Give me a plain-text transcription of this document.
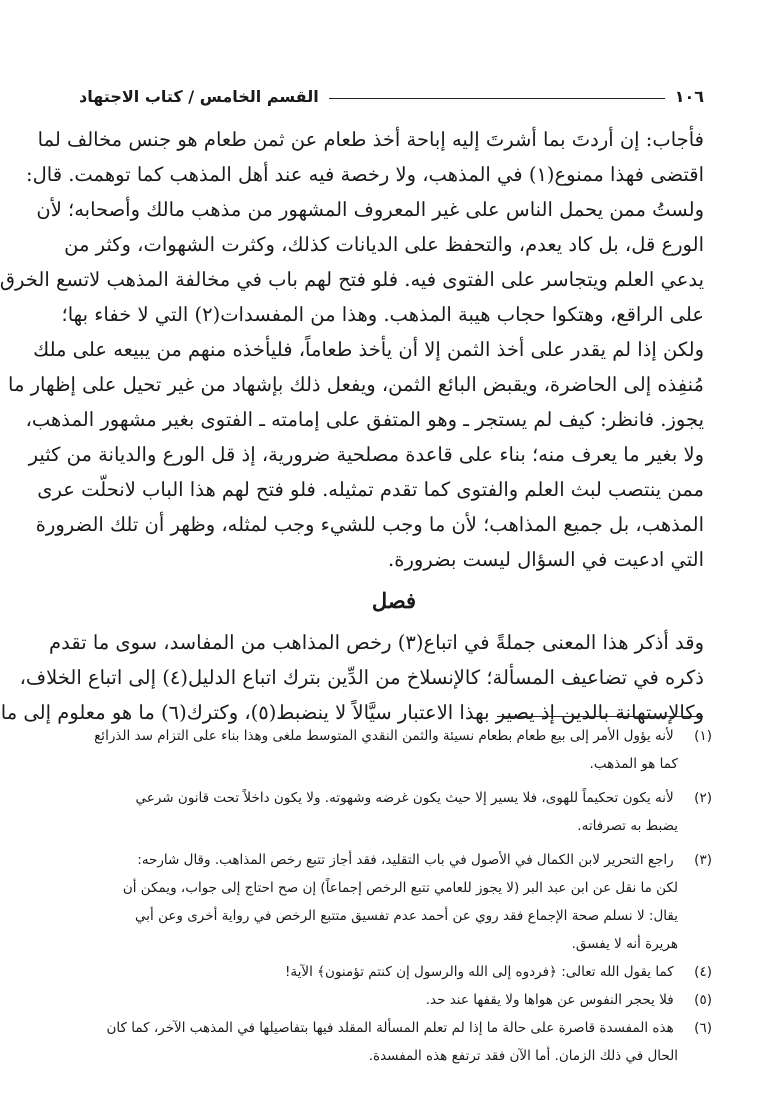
١٠٦
القسم الخامس / كتاب الاجتهاد
فأجاب: إن أردتَ بما أشرتَ إليه إباحة أخذ طعام عن ثمن طعام هو جنس مخالف لما
اقتضى فهذا ممنوع(١) في المذهب، ولا رخصة فيه عند أهل المذهب كما توهمت. قال:
ولستُ ممن يحمل الناس على غير المعروف المشهور من مذهب مالك وأصحابه؛ لأن
الورع قل، بل كاد يعدم، والتحفظ على الديانات كذلك، وكثرت الشهوات، وكثر من
يدعي العلم ويتجاسر على الفتوى فيه. فلو فتح لهم باب في مخالفة المذهب لاتسع الخرق
على الراقع، وهتكوا حجاب هيبة المذهب. وهذا من المفسدات(٢) التي لا خفاء بها؛
ولكن إذا لم يقدر على أخذ الثمن إلا أن يأخذ طعاماً، فليأخذه منهم من يبيعه على ملك
مُنفِذه إلى الحاضرة، ويقبض البائع الثمن، ويفعل ذلك بإشهاد من غير تحيل على إظهار ما
يجوز. فانظر: كيف لم يستجر ـ وهو المتفق على إمامته ـ الفتوى بغير مشهور المذهب،
ولا بغير ما يعرف منه؛ بناء على قاعدة مصلحية ضرورية، إذ قل الورع والديانة من كثير
ممن ينتصب لبث العلم والفتوى كما تقدم تمثيله. فلو فتح لهم هذا الباب لانحلّت عرى
المذهب، بل جميع المذاهب؛ لأن ما وجب للشيء وجب لمثله، وظهر أن تلك الضرورة
التي ادعيت في السؤال ليست بضرورة.
فصل
وقد أذكر هذا المعنى جملةً في اتباع(٣) رخص المذاهب من المفاسد، سوى ما تقدم
ذكره في تضاعيف المسألة؛ كالإنسلاخ من الدِّين بترك اتباع الدليل(٤) إلى اتباع الخلاف،
وكالإستهانة بالدين إذ يصير بهذا الاعتبار سيَّالاً لا ينضبط(٥)، وكترك(٦) ما هو معلوم إلى ما
(١) لأنه يؤول الأمر إلى بيع طعام بطعام نسيئة والثمن النقدي المتوسط ملغى وهذا بناء على التزام سد الذرائع
كما هو المذهب.
(٢) لأنه يكون تحكيماً للهوى، فلا يسير إلا حيث يكون غرضه وشهوته. ولا يكون داخلاً تحت قانون شرعي
يضبط به تصرفاته.
(٣) راجع التحرير لابن الكمال في الأصول في باب التقليد، فقد أجاز تتبع رخص المذاهب. وقال شارحه:
لكن ما نقل عن ابن عبد البر (لا يجوز للعامي تتبع الرخص إجماعاً) إن صح احتاج إلى جواب، ويمكن أن
يقال: لا نسلم صحة الإجماع فقد روي عن أحمد عدم تفسيق متتبع الرخص في رواية أخرى وعن أبي
هريرة أنه لا يفسق.
(٤) كما يقول الله تعالى: ﴿فردوه إلى الله والرسول إن كنتم تؤمنون﴾ الآية!
(٥) فلا يحجر النفوس عن هواها ولا يقفها عند حد.
(٦) هذه المفسدة قاصرة على حالة ما إذا لم تعلم المسألة المقلد فيها بتفاصيلها في المذهب الآخر، كما كان
الحال في ذلك الزمان. أما الآن فقد ترتفع هذه المفسدة.
